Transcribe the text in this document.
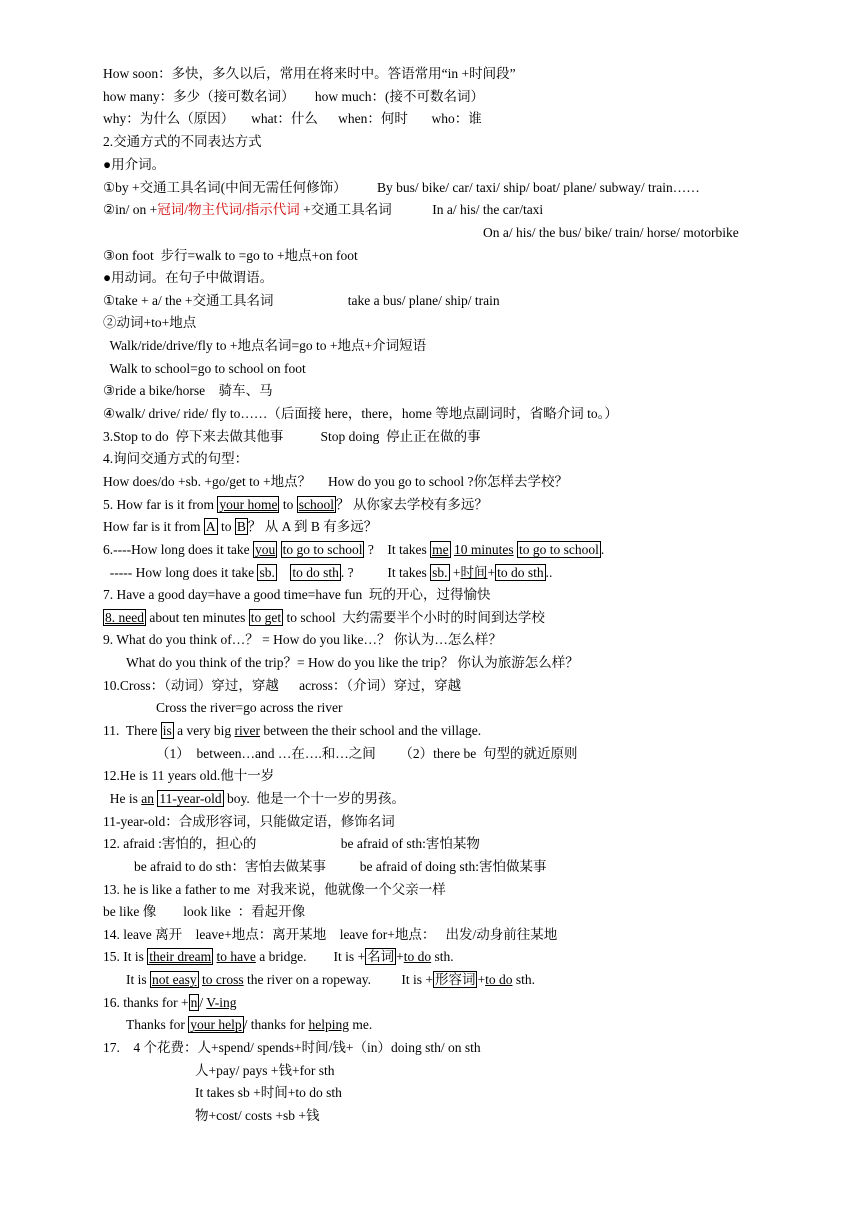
How soon：多快，多久以后，常用在将来时中。答语常用“in +时间段”
how many：多少（接可数名词）      how much：(接不可数名词）
why：为什么（原因）     what：什么      when：何时       who：谁
2.交通方式的不同表达方式
●用介词。
①by +交通工具名词(中间无需任何修饰）         By bus/ bike/ car/ taxi/ ship/ boat/ plane/ subway/ train……
②in/ on +冠词/物主代词/指示代词 +交通工具名词            In a/ his/ the car/taxi
On a/ his/ the bus/ bike/ train/ horse/ motorbike
③on foot  步行=walk to =go to +地点+on foot
●用动词。在句子中做谓语。
①take + a/ the +交通工具名词                      take a bus/ plane/ ship/ train
②动词+to+地点
Walk/ride/drive/fly to +地点名词=go to +地点+介词短语
Walk to school=go to school on foot
③ride a bike/horse    骑车、马
④walk/ drive/ ride/ fly to……（后面接 here，there，home 等地点副词时，省略介词 to。）
3.Stop to do  停下来去做其他事           Stop doing  停止正在做的事
4.询问交通方式的句型：
How does/do +sb. +go/get to +地点？     How do you go to school ?你怎样去学校？
5. How far is it from your home to school ？ 从你家去学校有多远？
How far is it from A to B ？ 从 A 到 B 有多远？
6.----How long does it take you to go to school ?    It takes me 10 minutes to go to school .
----- How long does it take sb. to do sth . ?          It takes sb. +时间+ to do sth ..
7. Have a good day=have a good time=have fun  玩的开心，过得愉快
8. need about ten minutes to get to school  大约需要半个小时的时间到达学校
9. What do you think of…？ = How do you like…？ 你认为…怎么样？
What do you think of the trip？= How do you like the trip？ 你认为旅游怎么样？
10.Cross：（动词）穿过，穿越      across：（介词）穿过，穿越
Cross the river=go across the river
11.  There is a very big river between the their school and the village.
（1）  between…and …在….和…之间       （2）there be  句型的就近原则
12.He is 11 years old.他十一岁
He is an 11-year-old boy.  他是一个十一岁的男孩。
11-year-old：合成形容词，只能做定语，修饰名词
12. afraid :害怕的，担心的                         be afraid of sth:害怕某物
be afraid to do sth：害怕去做某事          be afraid of doing sth:害怕做某事
13. he is like a father to me  对我来说，他就像一个父亲一样
be like 像        look like  ：看起开像
14. leave 离开    leave+地点：离开某地    leave for+地点：   出发/动身前往某地
15. It is their dream to have a bridge.        It is + 名词 +to do sth.
It is not easy to cross the river on a ropeway.         It is + 形容词 +to do sth.
16. thanks for + n / V-ing
Thanks for your help / thanks for helping me.
17.    4 个花费：人+spend/ spends+时间/钱+（in）doing sth/ on sth
人+pay/ pays +钱+for sth
It takes sb +时间+to do sth
物+cost/ costs +sb +钱
